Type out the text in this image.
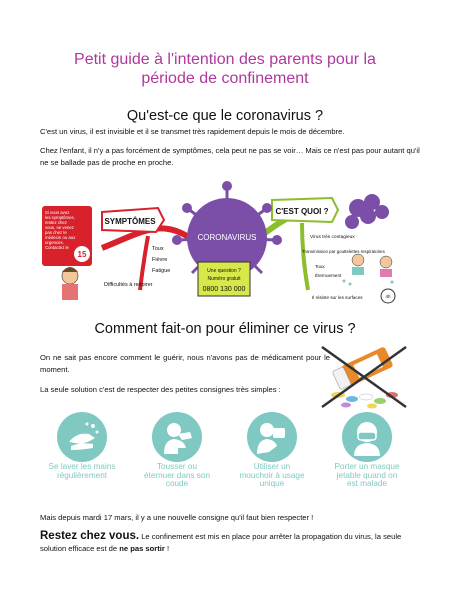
Petit guide à l'intention des parents pour la
période de confinement
Qu'est-ce que le coronavirus ?
C'est un virus, il est invisible et il se transmet très rapidement depuis le mois de décembre.
Chez l'enfant, il n'y a pas forcément de symptômes, cela peut ne pas se voir… Mais ce n'est pas pour autant qu'il ne se ballade pas de proche en proche.
Si vous avez les symptômes, restez chez vous, ne venez pas chez le médecin ou aux urgences. Contactez le
15
SYMPTÔMES
Toux
Fièvre
Fatigue
Difficultés à respirer
CORONAVIRUS
Une question ?
Numéro gratuit
0800 130 000
C'EST QUOI ?
Virus très contagieux
Transmission par gouttelettes respiratoires
Toux
Éternuement
Il résiste sur les surfaces	4h
Comment fait-on pour éliminer ce virus ?
On ne sait pas encore comment le guérir, nous n'avons pas de médicament pour le moment.
La seule solution c'est de respecter des petites consignes très simples :
Se laver les mains régulièrement
Tousser ou éternuer dans son coude
Utiliser un mouchoir à usage unique
Porter un masque jetable quand on est malade
Mais depuis mardi 17 mars, il y a une nouvelle consigne qu'il faut bien respecter !
Restez chez vous. Le confinement est mis en place pour arrêter la propagation du virus, la seule solution efficace est de ne pas sortir !
